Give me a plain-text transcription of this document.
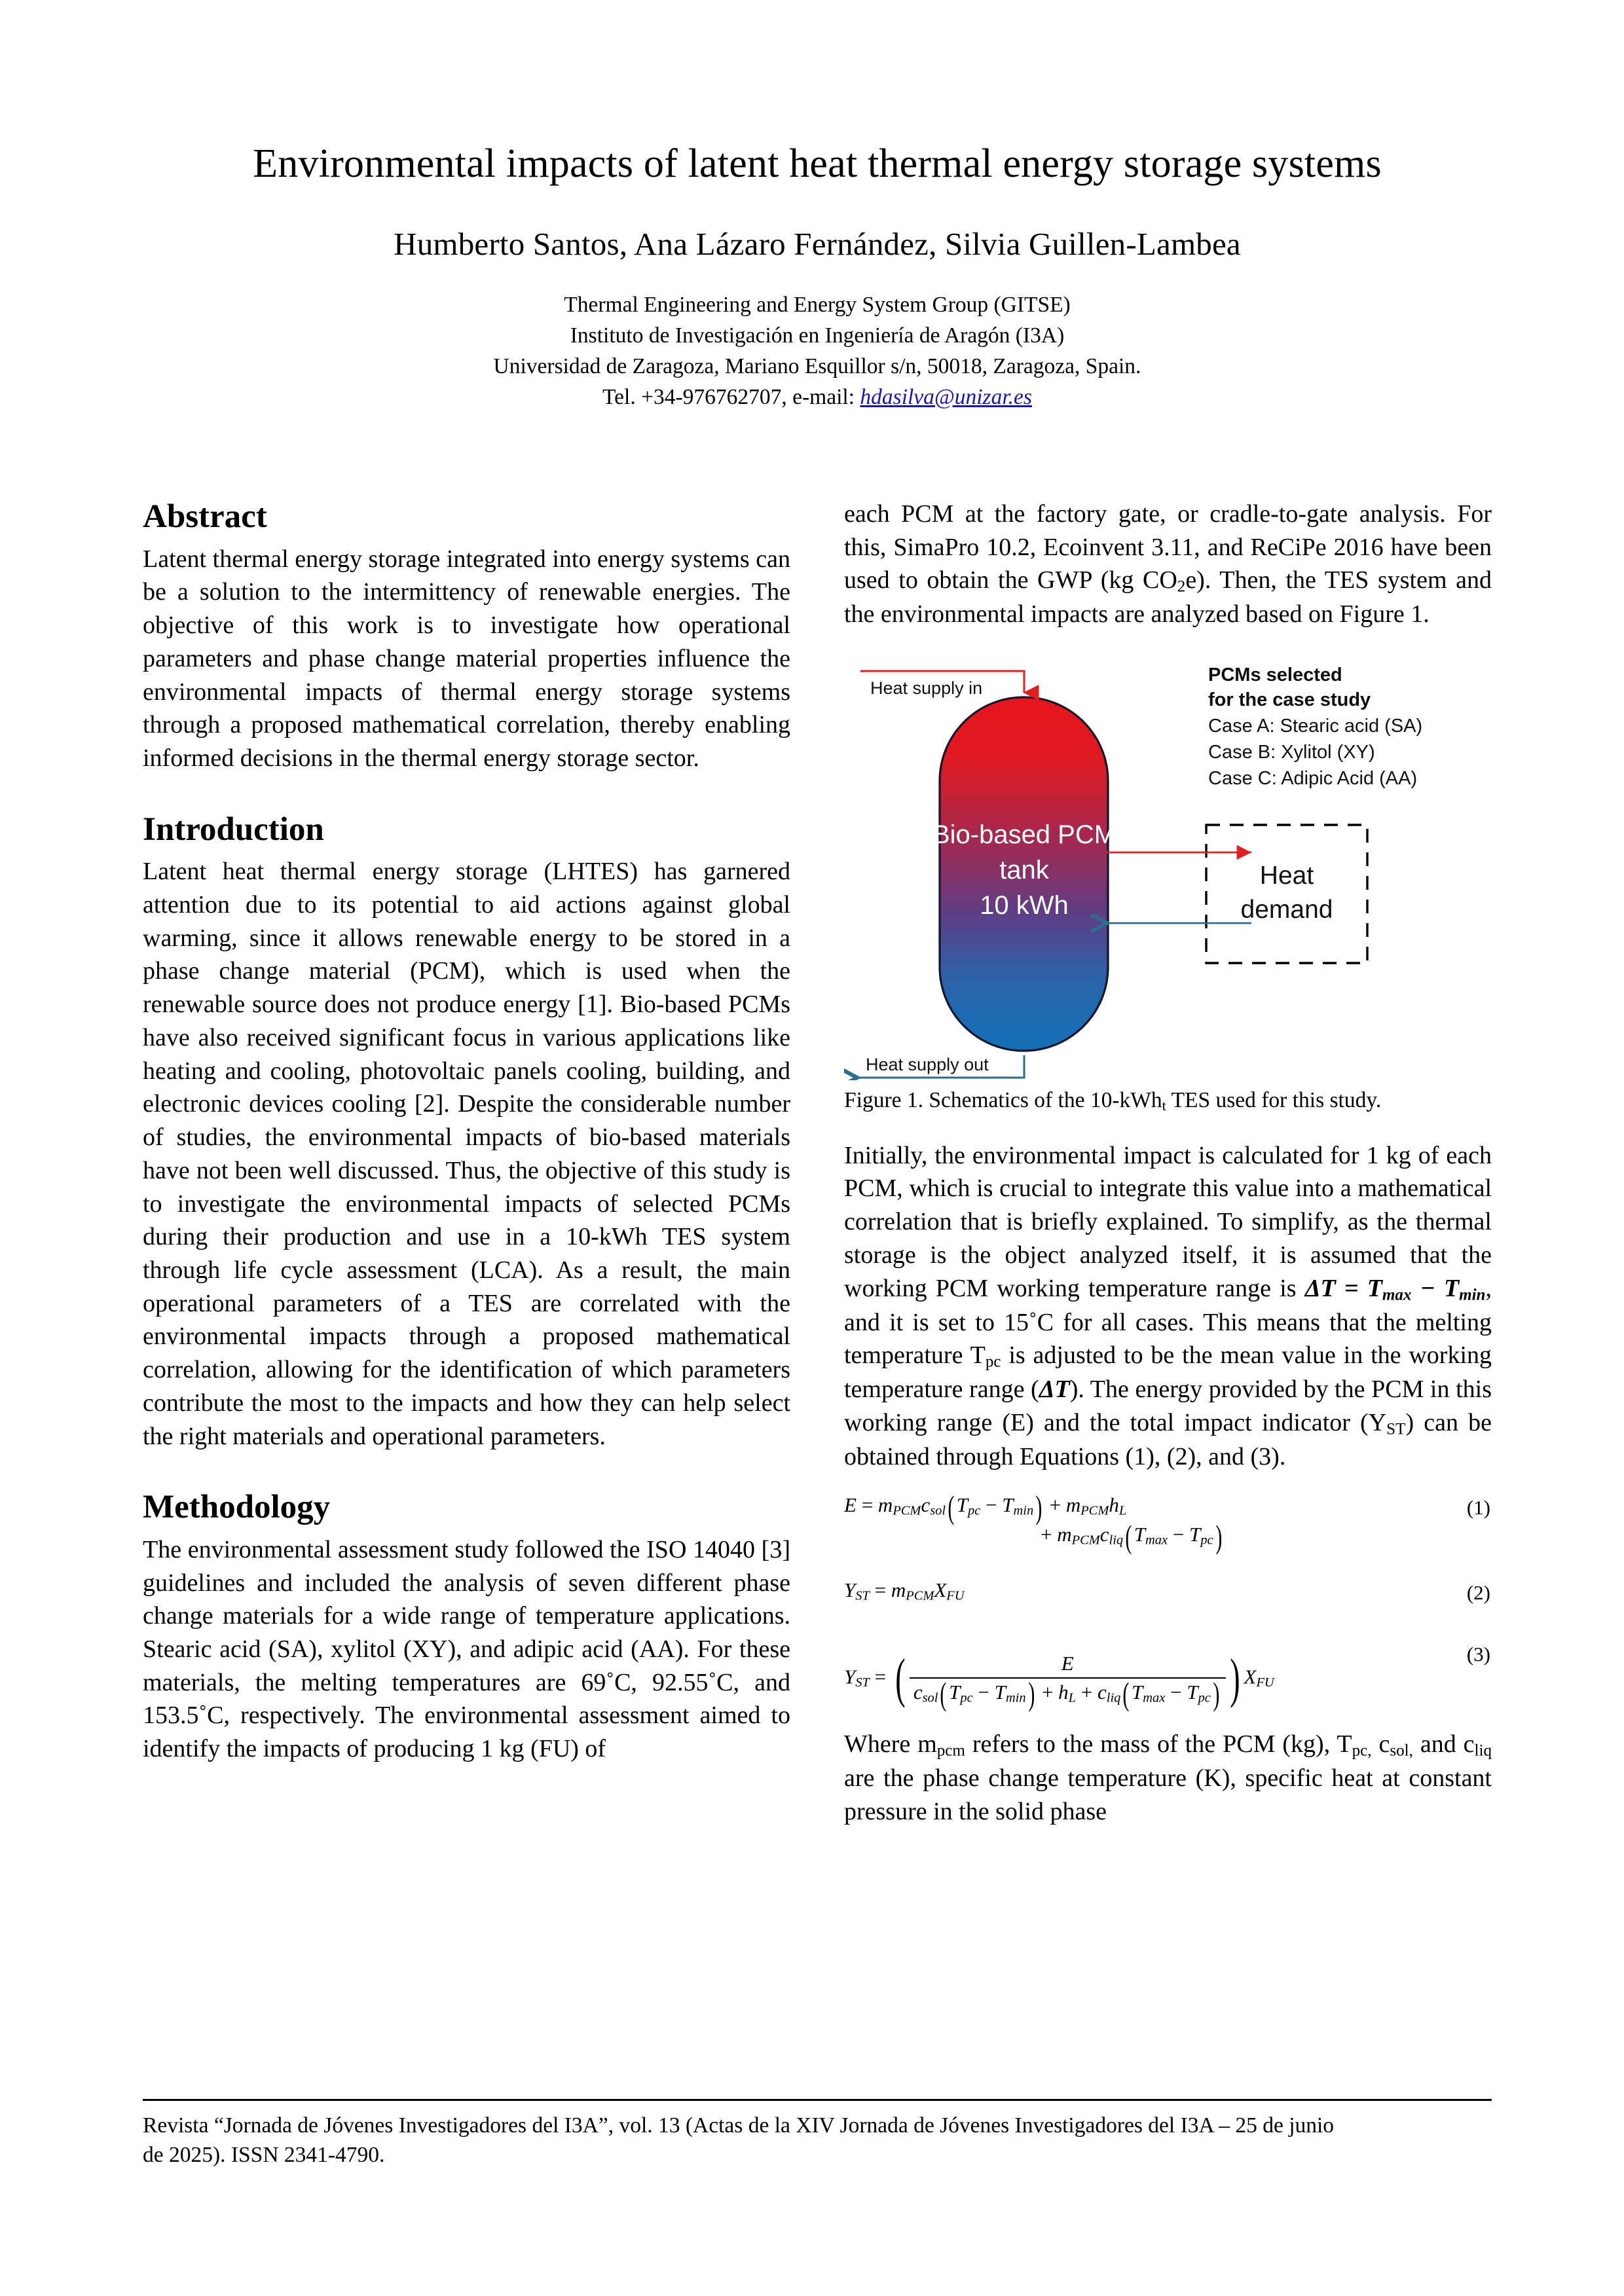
Environmental impacts of latent heat thermal energy storage systems
Humberto Santos, Ana Lázaro Fernández, Silvia Guillen-Lambea
Thermal Engineering and Energy System Group (GITSE)
Instituto de Investigación en Ingeniería de Aragón (I3A)
Universidad de Zaragoza, Mariano Esquillor s/n, 50018, Zaragoza, Spain.
Tel. +34-976762707, e-mail: hdasilva@unizar.es
Abstract

Latent thermal energy storage integrated into energy systems can be a solution to the intermittency of renewable energies. The objective of this work is to investigate how operational parameters and phase change material properties influence the environmental impacts of thermal energy storage systems through a proposed mathematical correlation, thereby enabling informed decisions in the thermal energy storage sector.

Introduction

Latent heat thermal energy storage (LHTES) has garnered attention due to its potential to aid actions against global warming, since it allows renewable energy to be stored in a phase change material (PCM), which is used when the renewable source does not produce energy [1]. Bio-based PCMs have also received significant focus in various applications like heating and cooling, photovoltaic panels cooling, building, and electronic devices cooling [2]. Despite the considerable number of studies, the environmental impacts of bio-based materials have not been well discussed. Thus, the objective of this study is to investigate the environmental impacts of selected PCMs during their production and use in a 10-kWh TES system through life cycle assessment (LCA). As a result, the main operational parameters of a TES are correlated with the environmental impacts through a proposed mathematical correlation, allowing for the identification of which parameters contribute the most to the impacts and how they can help select the right materials and operational parameters.

Methodology

The environmental assessment study followed the ISO 14040 [3] guidelines and included the analysis of seven different phase change materials for a wide range of temperature applications. Stearic acid (SA), xylitol (XY), and adipic acid (AA). For these materials, the melting temperatures are 69˚C, 92.55˚C, and 153.5˚C, respectively. The environmental assessment aimed to identify the impacts of producing 1 kg (FU) of

each PCM at the factory gate, or cradle-to-gate analysis. For this, SimaPro 10.2, Ecoinvent 3.11, and ReCiPe 2016 have been used to obtain the GWP (kg $CO_2e$). Then, the TES system and the environmental impacts are analyzed based on Figure 1.

Heat supply in
Heat supply out
Bio-based PCM
tank
10 kWh
Heat
demand
PCMs selected
for the case study
Case A: Stearic acid (SA)
Case B: Xylitol (XY)
Case C: Adipic Acid (AA)
Figure 1. Schematics of the 10-kWh$_t$ TES used for this study.

Initially, the environmental impact is calculated for 1 kg of each PCM, which is crucial to integrate this value into a mathematical correlation that is briefly explained. To simplify, as the thermal storage is the object analyzed itself, it is assumed that the working PCM working temperature range is $\Delta T = T_{max} - T_{min}$, and it is set to 15˚C for all cases. This means that the melting temperature $T_{pc}$ is adjusted to be the mean value in the working temperature range (ΔT). The energy provided by the PCM in this working range (E) and the total impact indicator $(Y_{ST})$ can be obtained through Equations (1), (2), and (3).

$E = m_{PCM}c_{sol}$( $T_{pc} - T_{min}) + m_{PCM}h_L$
+ $m_{PCM}c_{liq}$( $T_{max} - T_{pc}$)
(1)
$Y_{ST} = m_{PCM}X_{FU}$	(2)
$Y_{ST}$ = ( $\frac{E}{c_{sol}( T_{pc} - T_{min}) + h_L + c_{liq}( T_{max} - T_{pc})}$ ) $X_{FU}$
(3)

Where $m_{pcm}$ refers to the mass of the PCM (kg), $T_{pc,}$ $c_{sol,}$ and $c_{liq}$ are the phase change temperature (K), specific heat at constant pressure in the solid phase

Revista “Jornada de Jóvenes Investigadores del I3A”, vol. 13 (Actas de la XIV Jornada de Jóvenes Investigadores del I3A – 25 de junio
de 2025). ISSN 2341-4790.
